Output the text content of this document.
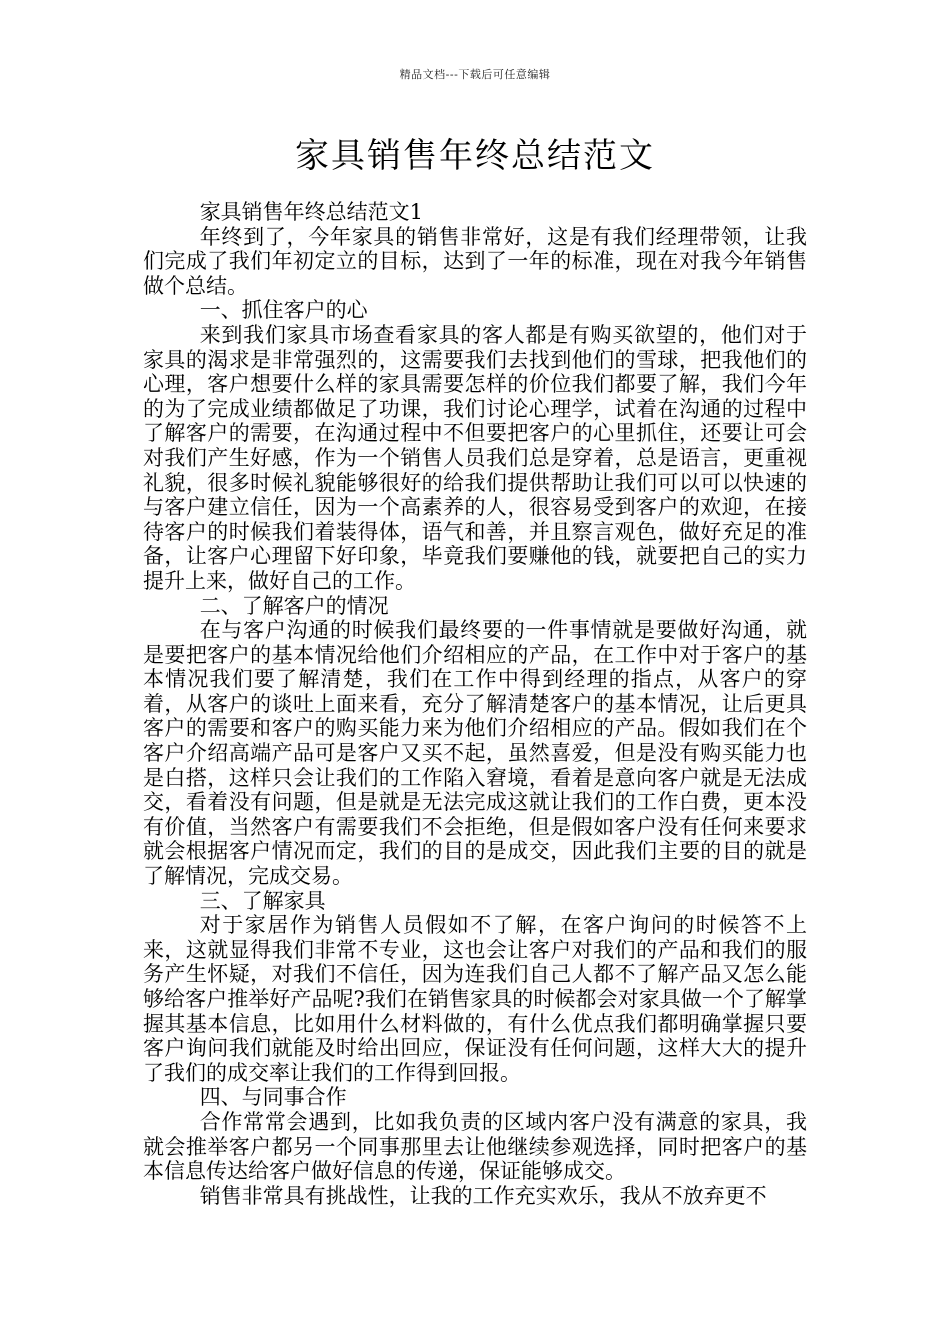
精品文档---下载后可任意编辑
家具销售年终总结范文

家具销售年终总结范文1

年终到了，今年家具的销售非常好，这是有我们经理带领，让我们完成了我们年初定立的目标，达到了一年的标准，现在对我今年销售做个总结。

一、抓住客户的心

来到我们家具市场查看家具的客人都是有购买欲望的，他们对于家具的渴求是非常强烈的，这需要我们去找到他们的雪球，把我他们的心理，客户想要什么样的家具需要怎样的价位我们都要了解，我们今年的为了完成业绩都做足了功课，我们讨论心理学，试着在沟通的过程中了解客户的需要，在沟通过程中不但要把客户的心里抓住，还要让可会对我们产生好感，作为一个销售人员我们总是穿着，总是语言，更重视礼貌，很多时候礼貌能够很好的给我们提供帮助让我们可以可以快速的与客户建立信任，因为一个高素养的人，很容易受到客户的欢迎，在接待客户的时候我们着装得体，语气和善，并且察言观色，做好充足的准备，让客户心理留下好印象，毕竟我们要赚他的钱，就要把自己的实力提升上来，做好自己的工作。

二、了解客户的情况

在与客户沟通的时候我们最终要的一件事情就是要做好沟通，就是要把客户的基本情况给他们介绍相应的产品，在工作中对于客户的基本情况我们要了解清楚，我们在工作中得到经理的指点，从客户的穿着，从客户的谈吐上面来看，充分了解清楚客户的基本情况，让后更具客户的需要和客户的购买能力来为他们介绍相应的产品。假如我们在个客户介绍高端产品可是客户又买不起，虽然喜爱，但是没有购买能力也是白搭，这样只会让我们的工作陷入窘境，看着是意向客户就是无法成交，看着没有问题，但是就是无法完成这就让我们的工作白费，更本没有价值，当然客户有需要我们不会拒绝，但是假如客户没有任何来要求就会根据客户情况而定，我们的目的是成交，因此我们主要的目的就是了解情况，完成交易。

三、了解家具

对于家居作为销售人员假如不了解，在客户询问的时候答不上来，这就显得我们非常不专业，这也会让客户对我们的产品和我们的服务产生怀疑，对我们不信任，因为连我们自己人都不了解产品又怎么能够给客户推举好产品呢?我们在销售家具的时候都会对家具做一个了解掌握其基本信息，比如用什么材料做的，有什么优点我们都明确掌握只要客户询问我们就能及时给出回应，保证没有任何问题，这样大大的提升了我们的成交率让我们的工作得到回报。

四、与同事合作

合作常常会遇到，比如我负责的区域内客户没有满意的家具，我就会推举客户都另一个同事那里去让他继续参观选择，同时把客户的基本信息传达给客户做好信息的传递，保证能够成交。

销售非常具有挑战性，让我的工作充实欢乐，我从不放弃更不
